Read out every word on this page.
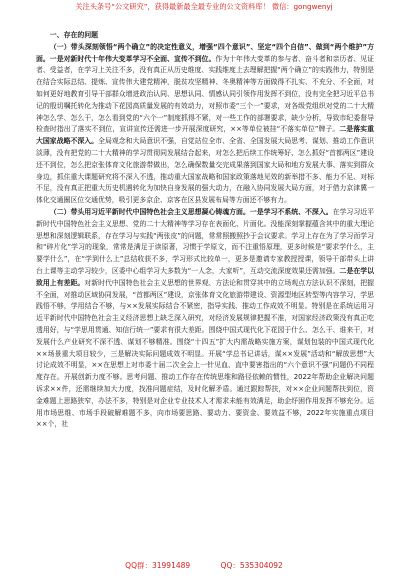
关注头条号“公文研究”，获得最新最全最专业的公文资料库！ 微信：gongwenyj

一、存在的问题

（一）带头深刻领悟“两个确立”的决定性意义，增强“四个意识”、坚定“四个自信”、做到“两个维护”方面。一是对新时代十年伟大变革学习不全面、宣传不到位。作为十年伟大变革的参与者、奋斗者和亲历者、见证者、受益者，在学习上关注不多，没有真正从历史维度、实践维度上去理解把握“两个确立”的实践伟力，特别是在结合实际总结、提炼、宣传伟大建党精神，脱贫攻坚精神、冬奥精神等方面做得不扎实、不充分、不全面，对如何更好地教育引导干部群众增进政治认同、思想认同、情感认同引领作用发挥不到位，没有完全把习近平总书记的殷切嘱托转化为推动下花园高质量发展的有效动力，对照市委“三个一”要求，对各级党组织对党的二十大精神怎么学、怎么干，怎么看到党的“六个一”制度抓得不紧，对一些工作的部署要求，缺少分析，导致市纪委督导检查时指出了落实不到位，宣讲宣传还需进一步开展深度研究，××等单位被挂“不落实单位”牌子。二是落实重大国家战略不深入。全局观念和大局意识不强，自觉站位全市、全省、全国发展大局思考、谋划、推动工作意识淡薄，没有把党的二十大精神的学习贯彻同发展结合起来，对怎么把后续工作统筹好、怎么抓好“首都两区”建设还不到位，怎么把京张体育文化旅游带做出，怎么确保数量交完成果落到国家大局和地方发展大事、落实到群众身边，抓住重大课题研究将不深入不透，推动重大国家战略和国家政策落地见效的新举措不多、能力不足、对标不足，没有真正把重大历史机遇转化为加快自身发展的强大动力，在融入协同发展大局方面，对于借力京津冀一体化交通圈区位交通优势，吸引更多京企、京客在区县发展布局等方面还不够有力。

（二）带头用习近平新时代中国特色社会主义思想凝心铸魂方面。一是学习不系统、不深入。在学习习近平新时代中国特色社会主义思想、党的二十大精神等学习存在表面化、片面化。没能深刻掌握蕴含其中的重大理论思想和深刻逻辑联系，存在学习与实践“两张皮”的问题，常常照搬照抄于会议要求。学习上存在为了学习而学习和“碎片化”学习的现象，常常是满足于读原著，习惯于学原文，而不注重悟原理，更多时候是“要求学什么，主要学什么”，在“学到什么上”总结收获不多，学习形式比较单一，更多是邀请专家教授授课，领导干部带头上讲台上课等主动学习较少，区委中心组学习大多数为“一人念，大家听”，互动交流深度效果还需加强。二是在学以致用上有差距。对新时代中国特色社会主义思想的世界观、方法论和贯穿其中的立场观点方法认识不深刻，把握不全面，对推动区域协同发展，“首都两区”建设，京张体育文化旅游带建设、资源型地区转型等内容学习，学思践悟不够，学用结合不够，与××发展实际结合不紧密，指导实践、推动工作成效不明显。特别是在系统运用习近平新时代中国特色社会主义经济思想上缺乏深入研究，对经济发展规律把握不准，对国家经济政策没有真正吃透用好，与“学思用贯通、知信行统一”要求有很大差距。围绕中国式现代化下花园于什么、怎么干、谁来干，对发展什么产业研究不深不透、谋划不够精准。围绕“十四五”扩大内需战略实施方案，谋划包装的中国式现代化××场景重大项目较少，三是解决实际问题成效不明显。开展“学总书记讲话，谋××发展”活动和“解放思想”大讨论成效不明显，××在思想上对市委十届二次全会上一针见血、直中要害指出的“六个意识不强”问题仍不同程度存在。开展创新力度不够。思考问题、推动工作存在传统思维和路径依赖的惯性，2022年帮助企业解决问题诉求××件，还需继续加大力度，找准问题症结，及时化解矛盾。通过跟踪帮扶，对××企业问题帮扶到位，资金难题上思路狭窄，办法不多，特别是对企业专业技术人才需求未能有效满足，助企纾困作用发挥不够充分。运用市场思维、市场手段破解难题不多，向市场要思路、要动力、要资金、要效益不够，2022年实施重点项目××个，社

QQ群：31991489	QQ：535304092
